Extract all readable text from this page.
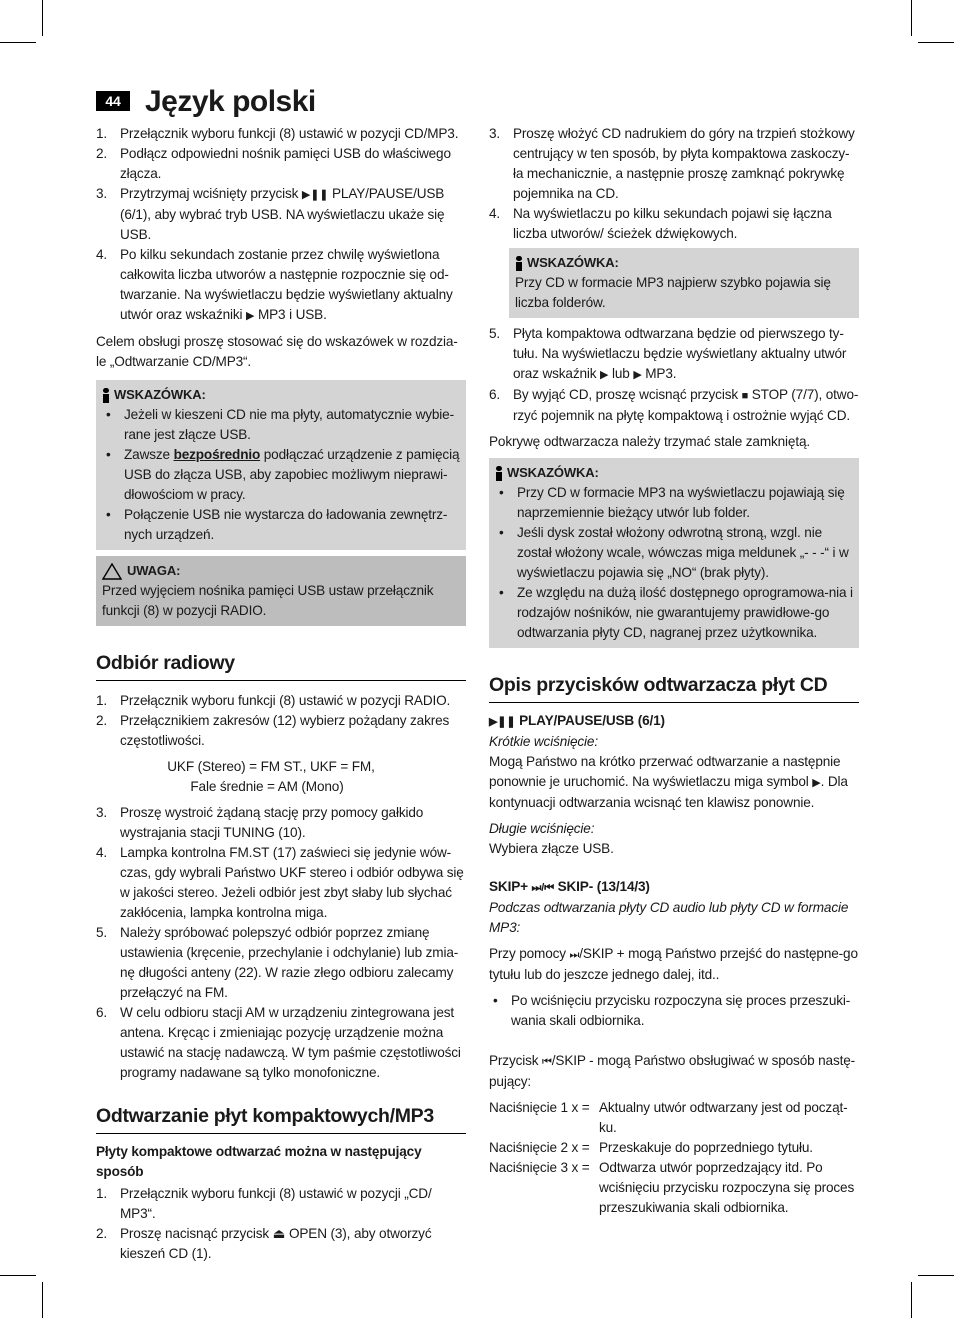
44 Język polski
1. Przełącznik wyboru funkcji (8) ustawić w pozycji CD/MP3.
2. Podłącz odpowiedni nośnik pamięci USB do właściwego złącza.
3. Przytrzymaj wciśnięty przycisk ▶❚❚ PLAY/PAUSE/USB (6/1), aby wybrać tryb USB. NA wyświetlaczu ukaże się USB.
4. Po kilku sekundach zostanie przez chwilę wyświetlona całkowita liczba utworów a następnie rozpocznie się od-twarzanie. Na wyświetlaczu będzie wyświetlany aktualny utwór oraz wskaźniki ▶ MP3 i USB.

Celem obsługi proszę stosować się do wskazówek w rozdzia-le „Odtwarzanie CD/MP3“.

WSKAZÓWKA:
• Jeżeli w kieszeni CD nie ma płyty, automatycznie wybie-rane jest złącze USB.
• Zawsze bezpośrednio podłączać urządzenie z pamięcią USB do złącza USB, aby zapobiec możliwym nieprawi-dłowościom w pracy.
• Połączenie USB nie wystarcza do ładowania zewnętrz-nych urządzeń.
UWAGA:

Przed wyjęciem nośnika pamięci USB ustaw przełącznik funkcji (8) w pozycji RADIO.

Odbiór radiowy
1. Przełącznik wyboru funkcji (8) ustawić w pozycji RADIO.
2. Przełącznikiem zakresów (12) wybierz pożądany zakres częstotliwości.

UKF (Stereo) = FM ST., UKF = FM,

Fale średnie = AM (Mono)

3. Proszę wystroić żądaną stację przy pomocy gałkido wystrajania stacji TUNING (10).
4. Lampka kontrolna FM.ST (17) zaświeci się jedynie wów-czas, gdy wybrali Państwo UKF stereo i odbiór odbywa się w jakości stereo. Jeżeli odbiór jest zbyt słaby lub słychać zakłócenia, lampka kontrolna miga.
5. Należy spróbować polepszyć odbiór poprzez zmianę ustawienia (kręcenie, przechylanie i odchylanie) lub zmia-nę długości anteny (22). W razie złego odbioru zalecamy przełączyć na FM.
6. W celu odbioru stacji AM w urządzeniu zintegrowana jest antena. Kręcąc i zmieniając pozycję urządzenie można ustawić na stację nadawczą. W tym paśmie częstotliwości programy nadawane są tylko monofoniczne.
Odtwarzanie płyt kompaktowych/MP3

Płyty kompaktowe odtwarzać można w następujący sposób

1. Przełącznik wyboru funkcji (8) ustawić w pozycji „CD/ MP3“.
2. Proszę nacisnąć przycisk ⏏ OPEN (3), aby otworzyć kieszeń CD (1).
3. Proszę włożyć CD nadrukiem do góry na trzpień stożkowy centrujący w ten sposób, by płyta kompaktowa zaskoczy-ła mechanicznie, a następnie proszę zamknąć pokrywkę pojemnika na CD.
4. Na wyświetlaczu po kilku sekundach pojawi się łączna liczba utworów/ ścieżek dźwiękowych.
WSKAZÓWKA:

Przy CD w formacie MP3 najpierw szybko pojawia się liczba folderów.

5. Płyta kompaktowa odtwarzana będzie od pierwszego ty-tułu. Na wyświetlaczu będzie wyświetlany aktualny utwór oraz wskaźnik ▶ lub ▶ MP3.
6. By wyjąć CD, proszę wcisnąć przycisk ■ STOP (7/7), otwo-rzyć pojemnik na płytę kompaktową i ostrożnie wyjąć CD.

Pokrywę odtwarzacza należy trzymać stale zamkniętą.

WSKAZÓWKA:
• Przy CD w formacie MP3 na wyświetlaczu pojawiają się naprzemiennie bieżący utwór lub folder.
• Jeśli dysk został włożony odwrotną stroną, wzgl. nie został włożony wcale, wówczas miga meldunek „- - -“ i w wyświetlaczu pojawia się „NO“ (brak płyty).
• Ze względu na dużą ilość dostępnego oprogramowa-nia i rodzajów nośników, nie gwarantujemy prawidłowe-go odtwarzania płyty CD, nagranej przez użytkownika.
Opis przycisków odtwarzacza płyt CD

▶❚❚ PLAY/PAUSE/USB (6/1)

Krótkie wciśnięcie:

Mogą Państwo na krótko przerwać odtwarzanie a następnie ponownie je uruchomić. Na wyświetlaczu miga symbol ▶. Dla kontynuacji odtwarzania wcisnąć ten klawisz ponownie.

Długie wciśnięcie:

Wybiera złącze USB.

SKIP+ ⏭/⏮ SKIP- (13/14/3)

Podczas odtwarzania płyty CD audio lub płyty CD w formacie MP3:

Przy pomocy ⏭/SKIP + mogą Państwo przejść do następne-go tytułu lub do jeszcze jednego dalej, itd..

• Po wciśnięciu przycisku rozpoczyna się proces przeszuki-wania skali odbiornika.

Przycisk ⏮/SKIP - mogą Państwo obsługiwać w sposób nastę-pujący:

Naciśnięcie 1 x = Aktualny utwór odtwarzany jest od począt-ku.
Naciśnięcie 2 x = Przeskakuje do poprzedniego tytułu.
Naciśnięcie 3 x = Odtwarza utwór poprzedzający itd. Po wciśnięciu przycisku rozpoczyna się proces przeszukiwania skali odbiornika.
